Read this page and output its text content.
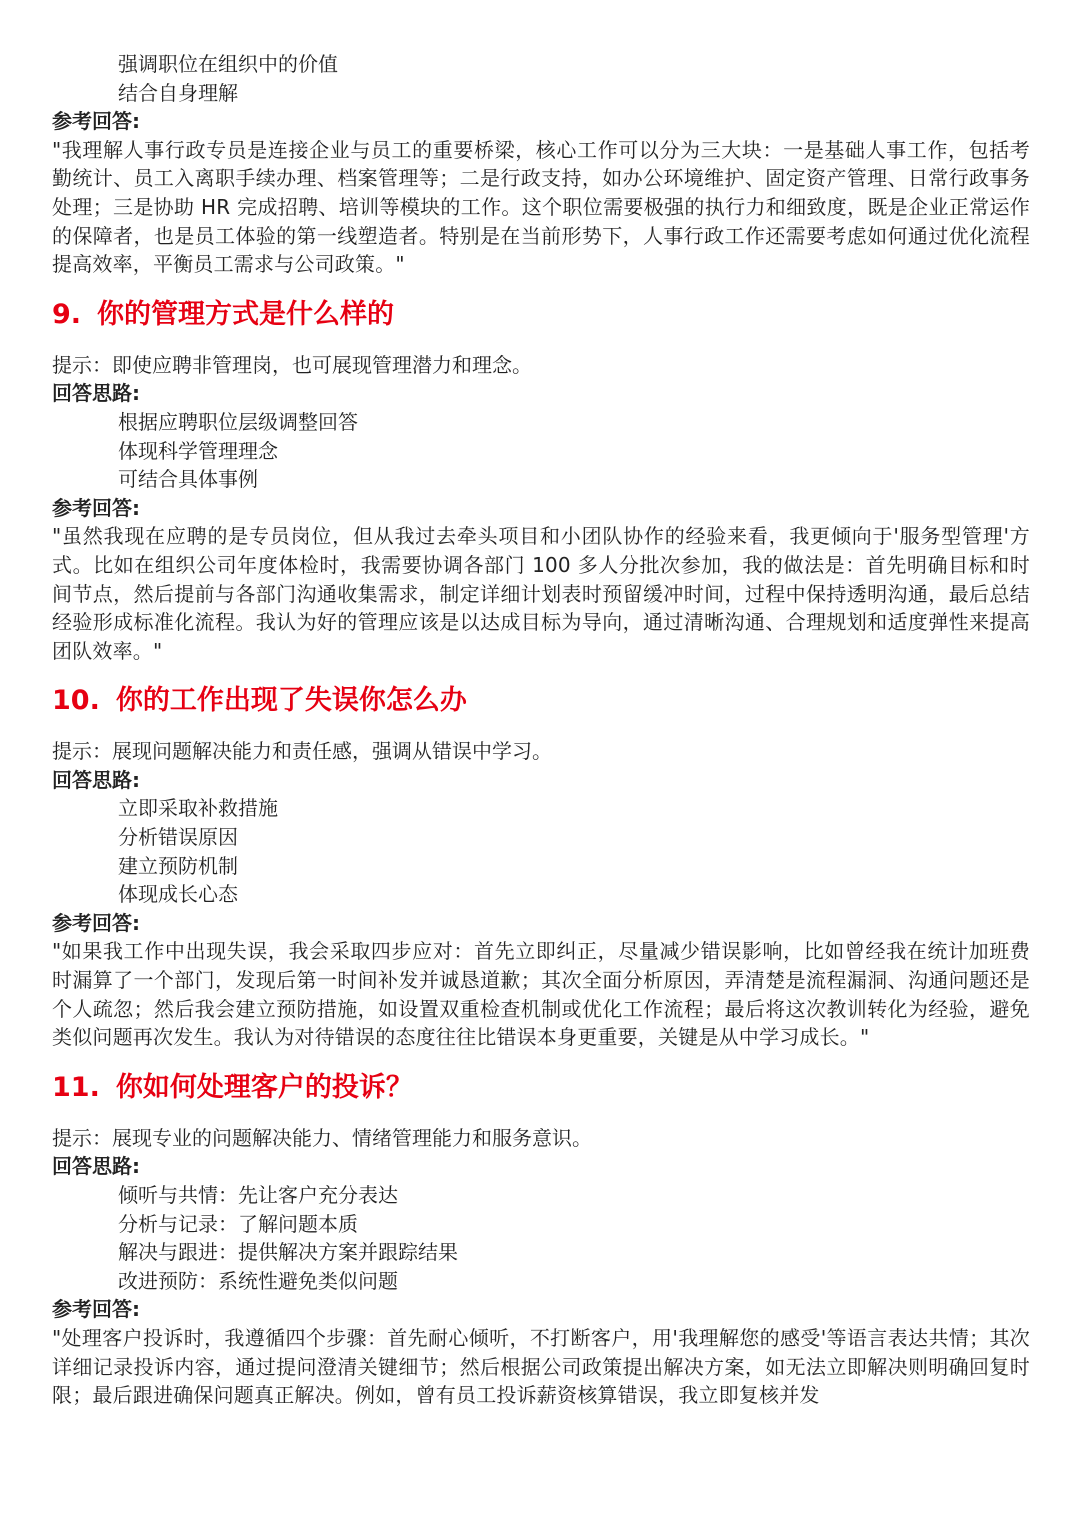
强调职位在组织中的价值
结合自身理解
参考回答:
"我理解人事行政专员是连接企业与员工的重要桥梁，核心工作可以分为三大块：一是基础人事工作，包括考勤统计、员工入离职手续办理、档案管理等；二是行政支持，如办公环境维护、固定资产管理、日常行政事务处理；三是协助 HR 完成招聘、培训等模块的工作。这个职位需要极强的执行力和细致度，既是企业正常运作的保障者，也是员工体验的第一线塑造者。特别是在当前形势下，人事行政工作还需要考虑如何通过优化流程提高效率，平衡员工需求与公司政策。"
9. 你的管理方式是什么样的
提示：即使应聘非管理岗，也可展现管理潜力和理念。
回答思路:
根据应聘职位层级调整回答
体现科学管理理念
可结合具体事例
参考回答:
"虽然我现在应聘的是专员岗位，但从我过去牵头项目和小团队协作的经验来看，我更倾向于'服务型管理'方式。比如在组织公司年度体检时，我需要协调各部门 100 多人分批次参加，我的做法是：首先明确目标和时间节点，然后提前与各部门沟通收集需求，制定详细计划表时预留缓冲时间，过程中保持透明沟通，最后总结经验形成标准化流程。我认为好的管理应该是以达成目标为导向，通过清晰沟通、合理规划和适度弹性来提高团队效率。"
10. 你的工作出现了失误你怎么办
提示：展现问题解决能力和责任感，强调从错误中学习。
回答思路:
立即采取补救措施
分析错误原因
建立预防机制
体现成长心态
参考回答:
"如果我工作中出现失误，我会采取四步应对：首先立即纠正，尽量减少错误影响，比如曾经我在统计加班费时漏算了一个部门，发现后第一时间补发并诚恳道歉；其次全面分析原因，弄清楚是流程漏洞、沟通问题还是个人疏忽；然后我会建立预防措施，如设置双重检查机制或优化工作流程；最后将这次教训转化为经验，避免类似问题再次发生。我认为对待错误的态度往往比错误本身更重要，关键是从中学习成长。"
11. 你如何处理客户的投诉？
提示：展现专业的问题解决能力、情绪管理能力和服务意识。
回答思路:
倾听与共情：先让客户充分表达
分析与记录：了解问题本质
解决与跟进：提供解决方案并跟踪结果
改进预防：系统性避免类似问题
参考回答:
"处理客户投诉时，我遵循四个步骤：首先耐心倾听，不打断客户，用'我理解您的感受'等语言表达共情；其次详细记录投诉内容，通过提问澄清关键细节；然后根据公司政策提出解决方案，如无法立即解决则明确回复时限；最后跟进确保问题真正解决。例如，曾有员工投诉薪资核算错误，我立即复核并发
